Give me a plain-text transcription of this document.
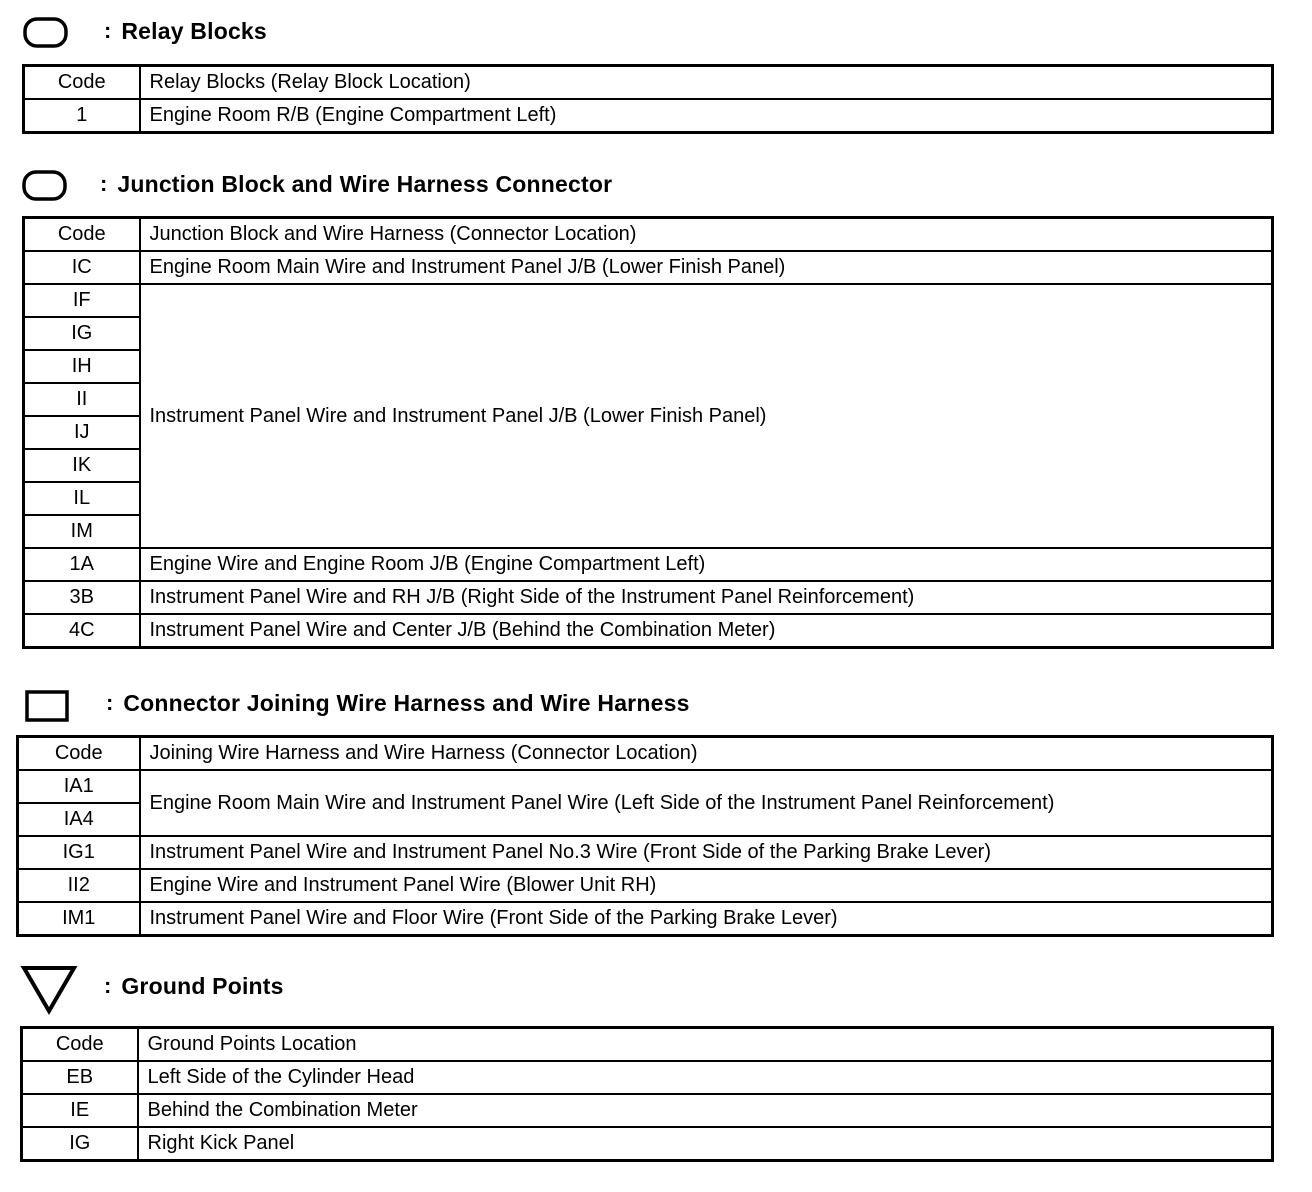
: Relay Blocks
Code	Relay Blocks (Relay Block Location)
1	Engine Room R/B (Engine Compartment Left)
: Junction Block and Wire Harness Connector
Code	Junction Block and Wire Harness (Connector Location)
IC	Engine Room Main Wire and Instrument Panel J/B (Lower Finish Panel)
IF	Instrument Panel Wire and Instrument Panel J/B (Lower Finish Panel)
IG	
IH	
II	
IJ	
IK	
IL	
IM	
1A	Engine Wire and Engine Room J/B (Engine Compartment Left)
3B	Instrument Panel Wire and RH J/B (Right Side of the Instrument Panel Reinforcement)
4C	Instrument Panel Wire and Center J/B (Behind the Combination Meter)
: Connector Joining Wire Harness and Wire Harness
Code	Joining Wire Harness and Wire Harness (Connector Location)
IA1	Engine Room Main Wire and Instrument Panel Wire (Left Side of the Instrument Panel Reinforcement)
IA4	
IG1	Instrument Panel Wire and Instrument Panel No.3 Wire (Front Side of the Parking Brake Lever)
II2	Engine Wire and Instrument Panel Wire (Blower Unit RH)
IM1	Instrument Panel Wire and Floor Wire (Front Side of the Parking Brake Lever)
: Ground Points
Code	Ground Points Location
EB	Left Side of the Cylinder Head
IE	Behind the Combination Meter
IG	Right Kick Panel
